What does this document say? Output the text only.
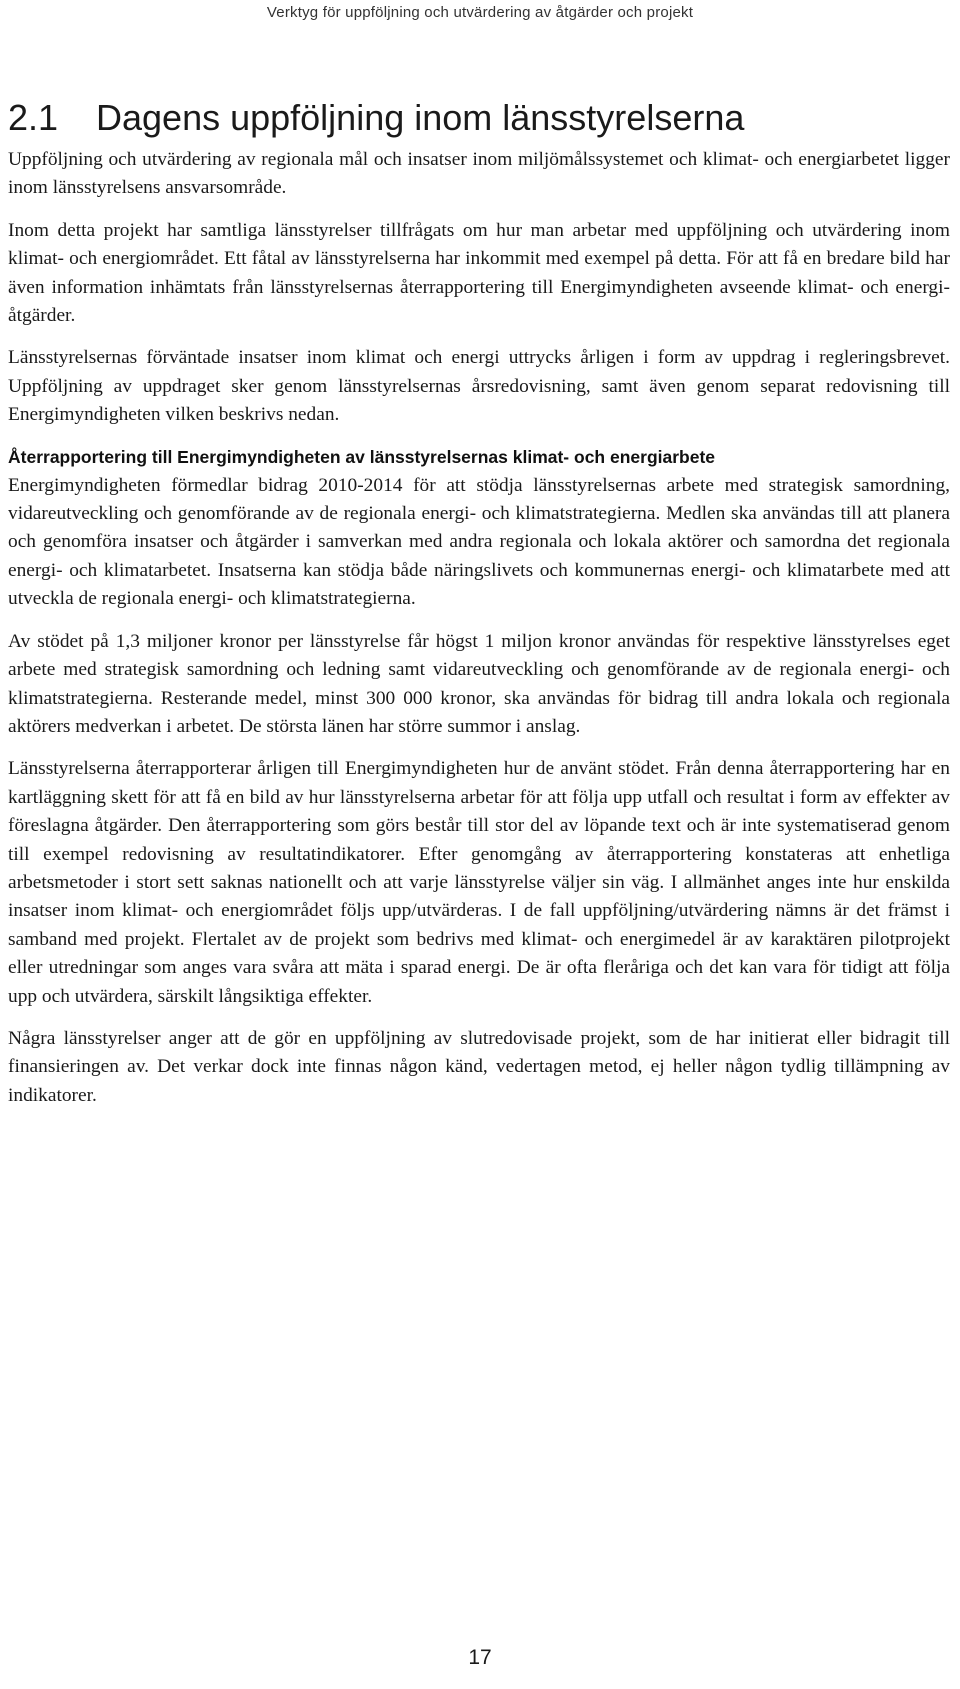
Verktyg för uppföljning och utvärdering av åtgärder och projekt
2.1 Dagens uppföljning inom länsstyrelserna

Uppföljning och utvärdering av regionala mål och insatser inom miljömålssystemet och klimat- och energiarbetet ligger inom länsstyrelsens ansvarsområde.

Inom detta projekt har samtliga länsstyrelser tillfrågats om hur man arbetar med uppföljning och utvärdering inom klimat- och energiområdet. Ett fåtal av länsstyrelserna har inkommit med exempel på detta. För att få en bredare bild har även information inhämtats från länsstyrelsernas återrapportering till Energimyndigheten avseende klimat- och energiåtgärder.

Länsstyrelsernas förväntade insatser inom klimat och energi uttrycks årligen i form av uppdrag i regleringsbrevet. Uppföljning av uppdraget sker genom länsstyrelsernas årsredovisning, samt även genom separat redovisning till Energimyndigheten vilken beskrivs nedan.

Återrapportering till Energimyndigheten av länsstyrelsernas klimat- och energiarbete

Energimyndigheten förmedlar bidrag 2010-2014 för att stödja länsstyrelsernas arbete med strategisk samordning, vidareutveckling och genomförande av de regionala energi- och klimatstrategierna. Medlen ska användas till att planera och genomföra insatser och åtgärder i samverkan med andra regionala och lokala aktörer och samordna det regionala energi- och klimatarbetet. Insatserna kan stödja både näringslivets och kommunernas energi- och klimatarbete med att utveckla de regionala energi- och klimatstrategierna.

Av stödet på 1,3 miljoner kronor per länsstyrelse får högst 1 miljon kronor användas för respektive länsstyrelses eget arbete med strategisk samordning och ledning samt vidareutveckling och genomförande av de regionala energi- och klimatstrategierna. Resterande medel, minst 300 000 kronor, ska användas för bidrag till andra lokala och regionala aktörers medverkan i arbetet. De största länen har större summor i anslag.

Länsstyrelserna återrapporterar årligen till Energimyndigheten hur de använt stödet. Från denna återrapportering har en kartläggning skett för att få en bild av hur länsstyrelserna arbetar för att följa upp utfall och resultat i form av effekter av föreslagna åtgärder. Den återrapportering som görs består till stor del av löpande text och är inte systematiserad genom till exempel redovisning av resultatindikatorer. Efter genomgång av återrapportering konstateras att enhetliga arbetsmetoder i stort sett saknas nationellt och att varje länsstyrelse väljer sin väg. I allmänhet anges inte hur enskilda insatser inom klimat- och energiområdet följs upp/utvärderas. I de fall uppföljning/utvärdering nämns är det främst i samband med projekt. Flertalet av de projekt som bedrivs med klimat- och energimedel är av karaktären pilotprojekt eller utredningar som anges vara svåra att mäta i sparad energi. De är ofta fleråriga och det kan vara för tidigt att följa upp och utvärdera, särskilt långsiktiga effekter.

Några länsstyrelser anger att de gör en uppföljning av slutredovisade projekt, som de har initierat eller bidragit till finansieringen av. Det verkar dock inte finnas någon känd, vedertagen metod, ej heller någon tydlig tillämpning av indikatorer.

17
